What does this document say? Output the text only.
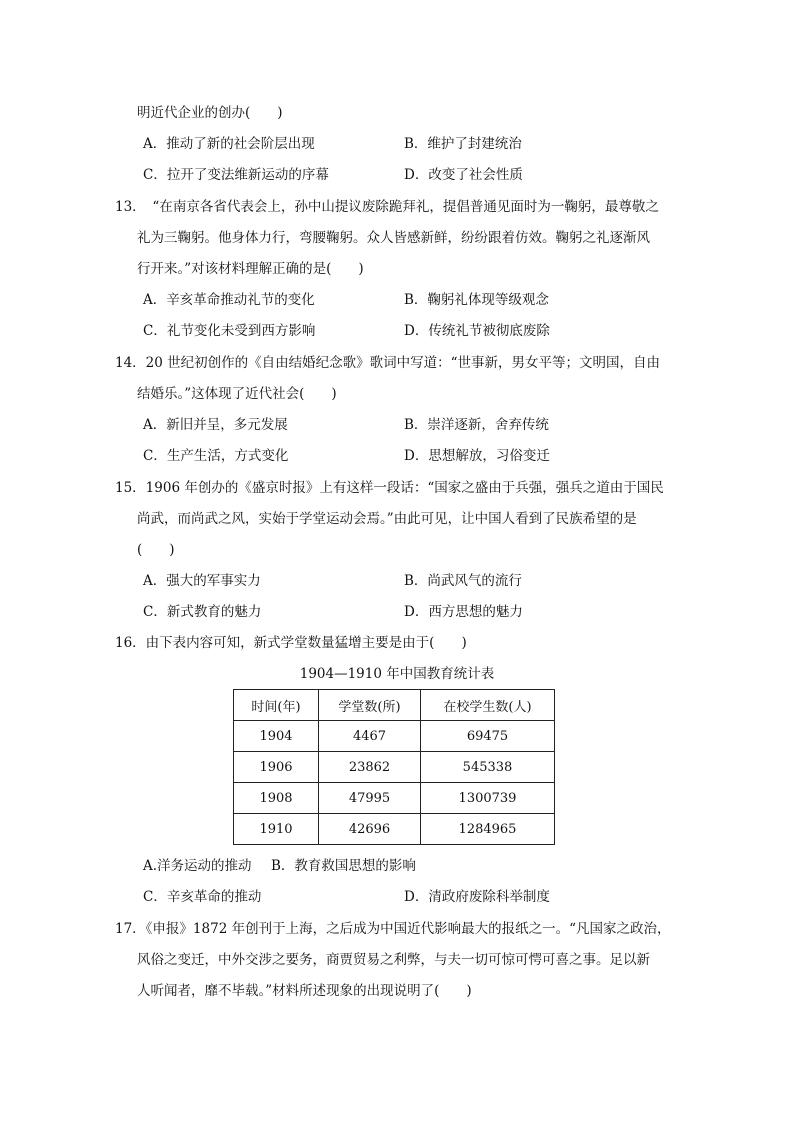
明近代企业的创办(　　)
A．推动了新的社会阶层出现	B．维护了封建统治
C．拉开了变法维新运动的序幕	D．改变了社会性质
13．　“在南京各省代表会上，孙中山提议废除跪拜礼，提倡普通见面时为一鞠躬，最尊敬之
礼为三鞠躬。他身体力行，弯腰鞠躬。众人皆感新鲜，纷纷跟着仿效。鞠躬之礼逐渐风
行开来。”对该材料理解正确的是(　　)
A．辛亥革命推动礼节的变化	B．鞠躬礼体现等级观念
C．礼节变化未受到西方影响	D．传统礼节被彻底废除
14．20 世纪初创作的《自由结婚纪念歌》歌词中写道：“世事新，男女平等；文明国，自由
结婚乐。”这体现了近代社会(　　)
A．新旧并呈，多元发展	B．崇洋逐新，舍弃传统
C．生产生活，方式变化	D．思想解放，习俗变迁
15．1906 年创办的《盛京时报》上有这样一段话：“国家之盛由于兵强，强兵之道由于国民
尚武，而尚武之风，实始于学堂运动会焉。”由此可见，让中国人看到了民族希望的是
(　　)
A．强大的军事实力	B．尚武风气的流行
C．新式教育的魅力	D．西方思想的魅力
16．由下表内容可知，新式学堂数量猛增主要是由于(　　)
1904—1910 年中国教育统计表
时间(年)	学堂数(所)	在校学生数(人)
1904	4467	69475
1906	23862	545338
1908	47995	1300739
1910	42696	1284965
A.洋务运动的推动 B．教育救国思想的影响
C．辛亥革命的推动	D．清政府废除科举制度
17．《申报》1872 年创刊于上海，之后成为中国近代影响最大的报纸之一。“凡国家之政治，
风俗之变迁，中外交涉之要务，商贾贸易之利弊，与夫一切可惊可愕可喜之事。足以新
人听闻者，靡不毕载。”材料所述现象的出现说明了(　　)
